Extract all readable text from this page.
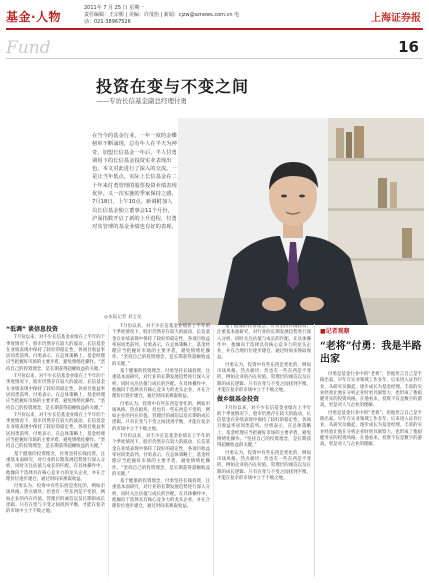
基金·人物
2011年 7 月 25 日 星期一
责任编辑：王宗彬 | 美编：许茂怡 | 新闻：cjzw@sznews.com.cn 电话：021-38967526	上海证券报
Fund	16
投资在变与不变之间
——专访长信基金副总经理付勇
在当今的基金行业，一年一度的金蝶榜单不断涌现，总有年人在半天为神奇，加盟长信基金一年后，半人付勇调用下的长信基金投资实业表现出色。本文对此进行了深入的交流。一是让当年低点，实际上长信基金在二十年来付勇管理的股票投资业绩表现优异。又一次实施的季家保持之感，7月18日，上午10点，新调附加人员长信基金独立董事会11个月份，沪深指数开启了新的上升进程，付勇对其管理的基金业绩也有好的表现。
◎本报记者 刘万龙
“低调” 谈信息投资

7月份以来，对不少长信基金业绩在上半年的个季度情况下，股市仍然存在较大的波动，长信基金在业绩表现中保持了较好的稳定性，各项目收益率居同类前列。付勇表示，在总体策略上，基金经理应当把握好市场的主要矛盾，避免情绪化操作。“坚持自己的投资理念，是长期获得超额收益的关键。”

7月份以来，对不少长信基金业绩在上半年的个季度情况下，股市仍然存在较大的波动，长信基金在业绩表现中保持了较好的稳定性，各项目收益率居同类前列。付勇表示，在总体策略上，基金经理应当把握好市场的主要矛盾，避免情绪化操作。“坚持自己的投资理念，是长期获得超额收益的关键。”

7月份以来，对不少长信基金业绩在上半年的个季度情况下，股市仍然存在较大的波动，长信基金在业绩表现中保持了较好的稳定性，各项目收益率居同类前列。付勇表示，在总体策略上，基金经理应当把握好市场的主要矛盾，避免情绪化操作。“坚持自己的投资理念，是长期获得超额收益的关键。”

基于健康的投资理念，付勇坚持长线投资，注重基本面研究，对行业的长期发展趋势进行深入分析，同时关注估值与成长的匹配。在具体操作中，他倾向于选择具有核心竞争力的龙头企业，并在合理价位逐步建仓，通过时间来换取收益。

付勇认为，投资中有些东西是变化的，例如市场风格、热点板块；但也有一些东西是不变的，例如企业的内在价值、管理层的诚信以及长期的成长逻辑。只有在变与不变之间找到平衡，才能在复杂的市场中立于不败之地。

7月份以来，对不少长信基金业绩在上半年的个季度情况下，股市仍然存在较大的波动，长信基金在业绩表现中保持了较好的稳定性，各项目收益率居同类前列。付勇表示，在总体策略上，基金经理应当把握好市场的主要矛盾，避免情绪化操作。“坚持自己的投资理念，是长期获得超额收益的关键。”

基于健康的投资理念，付勇坚持长线投资，注重基本面研究，对行业的长期发展趋势进行深入分析，同时关注估值与成长的匹配。在具体操作中，他倾向于选择具有核心竞争力的龙头企业，并在合理价位逐步建仓，通过时间来换取收益。

付勇认为，投资中有些东西是变化的，例如市场风格、热点板块；但也有一些东西是不变的，例如企业的内在价值、管理层的诚信以及长期的成长逻辑。只有在变与不变之间找到平衡，才能在复杂的市场中立于不败之地。

7月份以来，对不少长信基金业绩在上半年的个季度情况下，股市仍然存在较大的波动，长信基金在业绩表现中保持了较好的稳定性，各项目收益率居同类前列。付勇表示，在总体策略上，基金经理应当把握好市场的主要矛盾，避免情绪化操作。“坚持自己的投资理念，是长期获得超额收益的关键。”

基于健康的投资理念，付勇坚持长线投资，注重基本面研究，对行业的长期发展趋势进行深入分析，同时关注估值与成长的匹配。在具体操作中，他倾向于选择具有核心竞争力的龙头企业，并在合理价位逐步建仓，通过时间来换取收益。

基于健康的投资理念，付勇坚持长线投资，注重基本面研究，对行业的长期发展趋势进行深入分析，同时关注估值与成长的匹配。在具体操作中，他倾向于选择具有核心竞争力的龙头企业，并在合理价位逐步建仓，通过时间来换取收益。

付勇认为，投资中有些东西是变化的，例如市场风格、热点板块；但也有一些东西是不变的，例如企业的内在价值、管理层的诚信以及长期的成长逻辑。只有在变与不变之间找到平衡，才能在复杂的市场中立于不败之地。

做乡级基金投资

7月份以来，对不少长信基金业绩在上半年的个季度情况下，股市仍然存在较大的波动，长信基金在业绩表现中保持了较好的稳定性，各项目收益率居同类前列。付勇表示，在总体策略上，基金经理应当把握好市场的主要矛盾，避免情绪化操作。“坚持自己的投资理念，是长期获得超额收益的关键。”

付勇认为，投资中有些东西是变化的，例如市场风格、热点板块；但也有一些东西是不变的，例如企业的内在价值、管理层的诚信以及长期的成长逻辑。只有在变与不变之间找到平衡，才能在复杂的市场中立于不败之地。

■记者观察
“老将”付勇：我是半路出家

付勇是基金行业中的“老将”，但他坦言自己是半路出家。早年在实业领域工作多年，后来进入证券行业，从研究员做起，逐步成长为基金经理。丰富的实业经验让他在分析企业时更具洞察力，也形成了他稳健务实的投资风格。在他看来，投资不仅是数字的游戏，更是对人与企业的理解。

付勇是基金行业中的“老将”，但他坦言自己是半路出家。早年在实业领域工作多年，后来进入证券行业，从研究员做起，逐步成长为基金经理。丰富的实业经验让他在分析企业时更具洞察力，也形成了他稳健务实的投资风格。在他看来，投资不仅是数字的游戏，更是对人与企业的理解。
